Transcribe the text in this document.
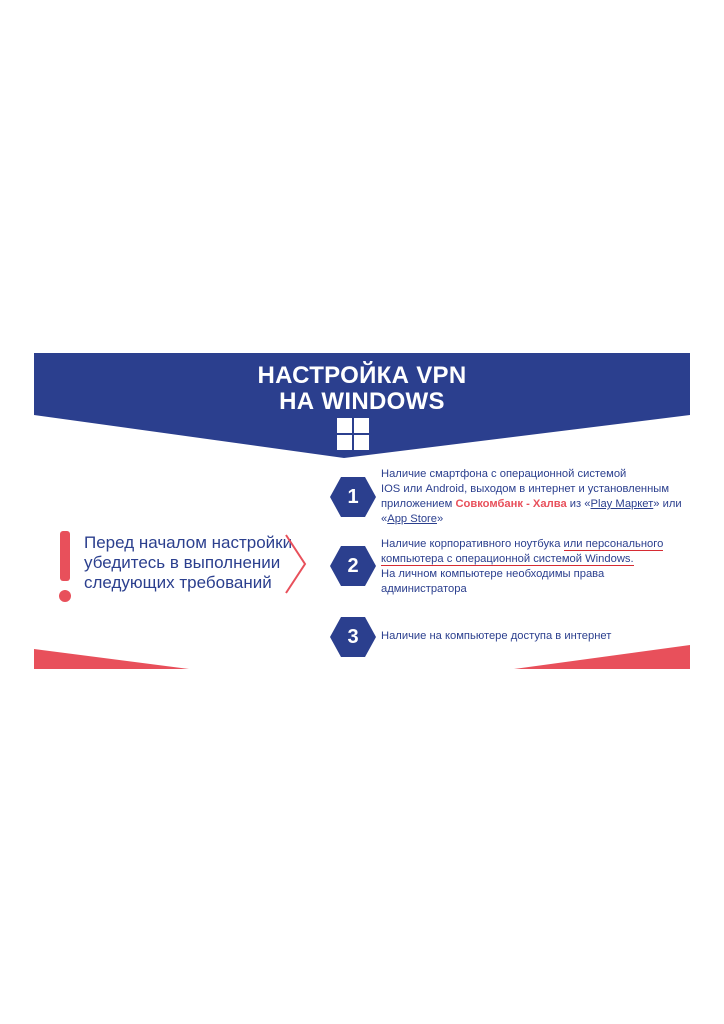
НАСТРОЙКА VPN
НА WINDOWS
Перед началом настройки
убедитесь в выполнении
следующих требований
1
Наличие смартфона с операционной системой
IOS или Android, выходом в интернет и установленным
приложением Совкомбанк - Халва из «Play Маркет» или
«App Store»
2
Наличие корпоративного ноутбука или персонального
компьютера с операционной системой Windows.
На личном компьютере необходимы права
администратора
3	Наличие на компьютере доступа в интернет
